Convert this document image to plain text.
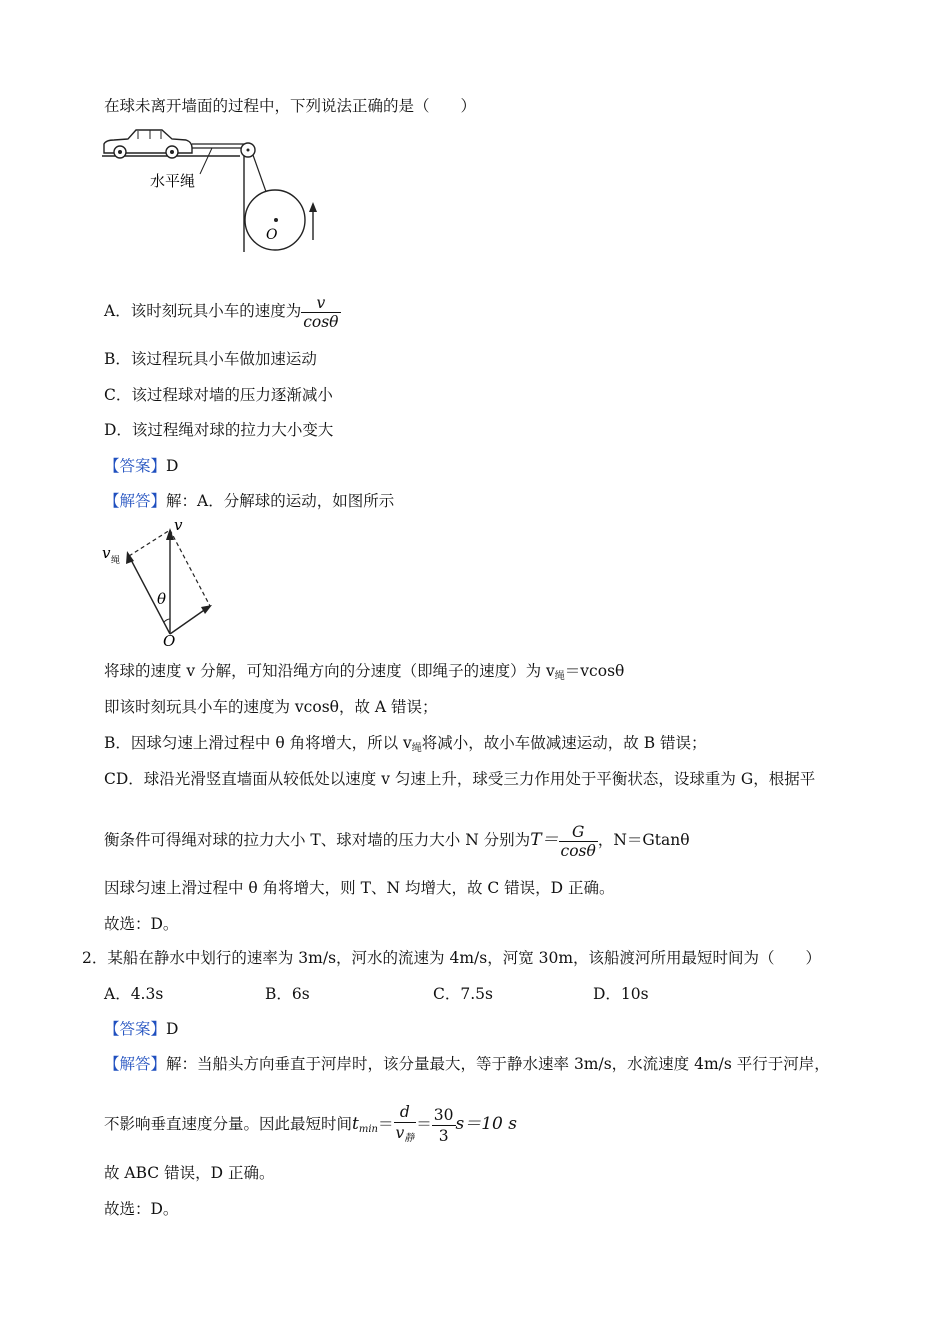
在球未离开墙面的过程中，下列说法正确的是（　　）
水平绳
O
A．该时刻玩具小车的速度为 $\frac{v}{\cos\theta}$
B．该过程玩具小车做加速运动
C．该过程球对墙的压力逐渐减小
D．该过程绳对球的拉力大小变大
【答案】D
【解答】解：A．分解球的运动，如图所示
v
v 绳
θ
O
将球的速度 v 分解，可知沿绳方向的分速度（即绳子的速度）为 $v_绳=vcos\theta$
即该时刻玩具小车的速度为 vcosθ，故 A 错误；
B．因球匀速上滑过程中 θ 角将增大，所以 $v_绳$将减小，故小车做减速运动，故 B 错误；
CD．球沿光滑竖直墙面从较低处以速度 v 匀速上升，球受三力作用处于平衡状态，设球重为 G，根据平
衡条件可得绳对球的拉力大小 T、球对墙的压力大小 N 分别为$T= \frac{G}{\cos\theta}$ ，N＝Gtanθ
因球匀速上滑过程中 θ 角将增大，则 T、N 均增大，故 C 错误，D 正确。
故选：D。
2．某船在静水中划行的速率为 3m/s，河水的流速为 4m/s，河宽 30m，该船渡河所用最短时间为（　　）
A．4.3s	B．6s	C．7.5s	D．10s
【答案】D
【解答】解：当船头方向垂直于河岸时，该分量最大，等于静水速率 3m/s，水流速度 4m/s 平行于河岸，
不影响垂直速度分量。因此最短时间$t_{min}= \frac{d}{v_静} = \frac{30}{3} s=10$ s
故 ABC 错误，D 正确。
故选：D。
